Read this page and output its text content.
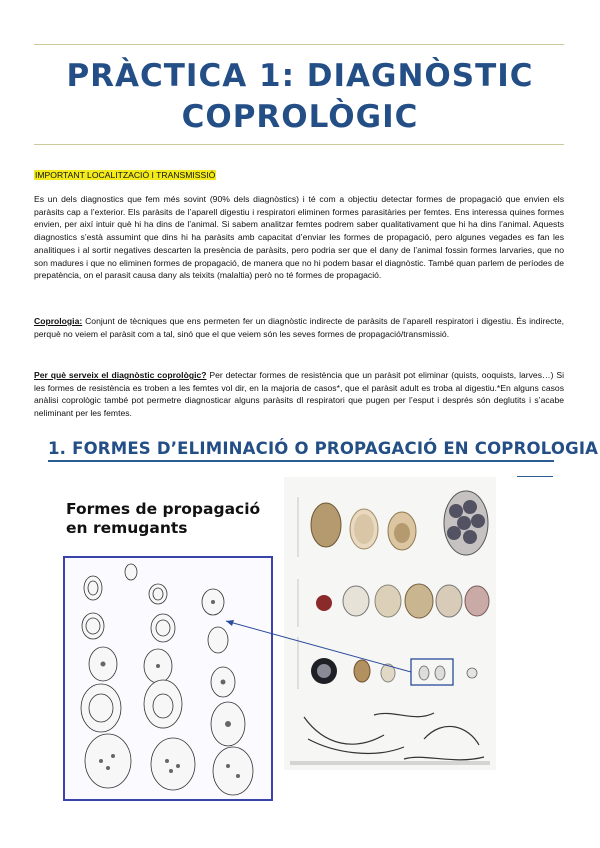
PRÀCTICA 1: DIAGNÒSTIC COPROLÒGIC
IMPORTANT LOCALITZACIÓ I TRANSMISSIÓ

Es un dels diagnostics que fem més sovint (90% dels diagnòstics) i té com a objectiu detectar formes de propagació que envien els paràsits cap a l’exterior. Els paràsits de l’aparell digestiu i respiratori eliminen formes parasitàries per femtes. Ens interessa quines formes envien, per així intuir què hi ha dins de l’animal. Si sabem analitzar femtes podrem saber qualitativament que hi ha dins l’animal. Aquests diagnostics s’està assumint que dins hi ha paràsits amb capacitat d’enviar les formes de propagació, pero algunes vegades es fan les analitiques i al sortir negatives descarten la presència de paràsits, pero podria ser que el dany de l’animal fossin formes larvaries, que no son madures i que no eliminen formes de propagació, de manera que no hi podem basar el diagnòstic. També quan parlem de períodes de prepatència, on el parasit causa dany als teixits (malaltia) però no té formes de propagació.

Coprologia: Conjunt de tècniques que ens permeten fer un diagnòstic indirecte de paràsits de l’aparell respiratori i digestiu. És indirecte, perquè no veiem el paràsit com a tal, sinó que el que veiem són les seves formes de propagació/transmissió.

Per què serveix el diagnòstic coprològic? Per detectar formes de resistència que un paràsit pot eliminar (quists, ooquists, larves…) Si les formes de resistència es troben a les femtes vol dir, en la majoria de casos*, que el paràsit adult es troba al digestiu.*En alguns casos anàlisi coprològic també pot permetre diagnosticar alguns paràsits dl respiratori que pugen per l’esput i després són deglutits i s’acabe neliminant per les femtes.

1. FORMES D’ELIMINACIÓ O PROPAGACIÓ EN COPROLOGIA
Formes de propagació
en remugants
